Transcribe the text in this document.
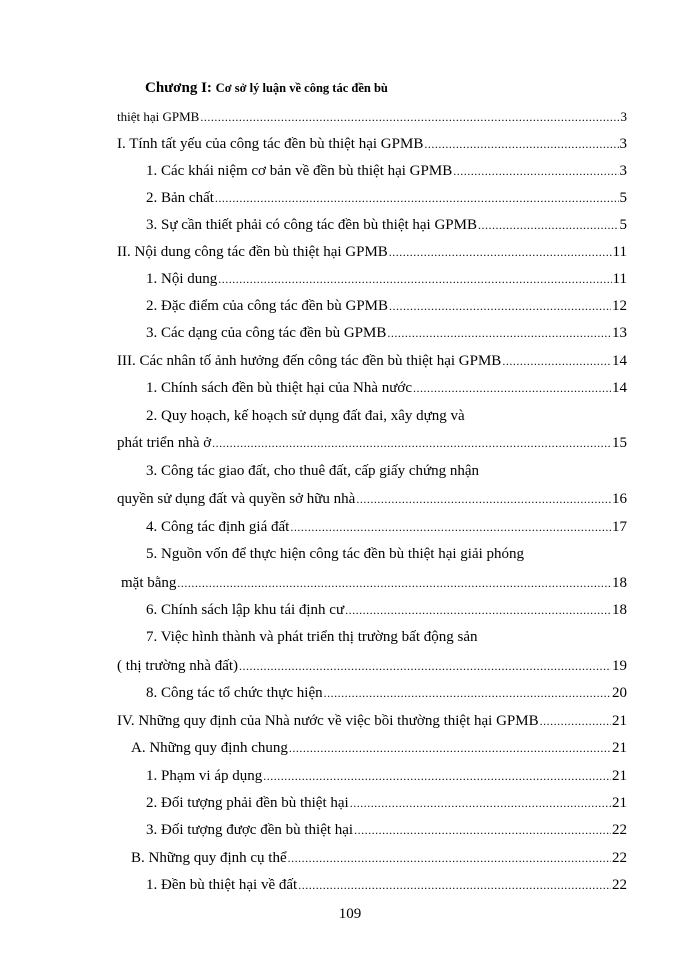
Chương I: Cơ sở lý luận về công tác đền bù
thiệt hại GPMB .....	3
I. Tính tất yếu của công tác đền bù thiệt hại GPMB .....	3
1. Các khái niệm cơ bản về đền bù thiệt hại GPMB .....	3
2. Bản chất .....	5
3. Sự cần thiết phải có công tác đền bù thiệt hại GPMB .....	5
II. Nội dung công tác đền bù thiệt hại GPMB .....	11
1. Nội dung .....	11
2. Đặc điểm của công tác đền bù GPMB .....	12
3. Các dạng của công tác đền bù GPMB .....	13
III. Các nhân tố ảnh hưởng đến công tác đền bù thiệt hại GPMB .....	14
1. Chính sách đền bù thiệt hại của Nhà nước .....	14
2. Quy hoạch, kế hoạch sử dụng đất đai, xây dựng và
phát triển nhà ở .....	15
3. Công tác giao đất, cho thuê đất, cấp giấy chứng nhận
quyền sử dụng đất và quyền sở hữu nhà .....	16
4. Công tác định giá đất .....	17
5. Nguồn vốn để thực hiện công tác đền bù thiệt hại giải phóng
mặt bằng .....	18
6. Chính sách lập khu tái định cư .....	18
7. Việc hình thành và phát triển thị trường bất động sản
( thị trường nhà đất) .....	19
8. Công tác tổ chức thực hiện .....	20
IV. Những quy định của Nhà nước về việc bồi thường thiệt hại GPMB .....	21
A. Những quy định chung .....	21
1. Phạm vi áp dụng .....	21
2. Đối tượng phải đền bù thiệt hại .....	21
3. Đối tượng được đền bù thiệt hại .....	22
B. Những quy định cụ thể .....	22
1. Đền bù thiệt hại về đất .....	22
109
